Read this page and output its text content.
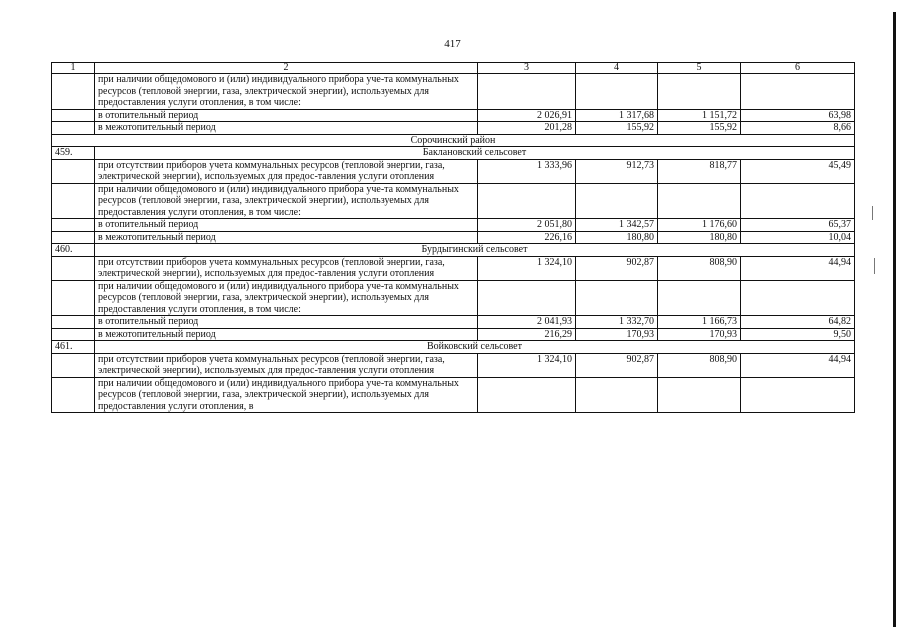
417
1	2	3	4	5	6
	при наличии общедомового и (или) индивидуального прибора уче-та коммунальных ресурсов (тепловой энергии, газа, электрической энергии), используемых для предоставления услуги отопления, в том числе:				
	в отопительный период	2 026,91	1 317,68	1 151,72	63,98
	в межотопительный период	201,28	155,92	155,92	8,66
Сорочинский район					
459.	Баклановский сельсовет				
	при отсутствии приборов учета коммунальных ресурсов (тепловой энергии, газа, электрической энергии), используемых для предос-тавления услуги отопления	1 333,96	912,73	818,77	45,49
	при наличии общедомового и (или) индивидуального прибора уче-та коммунальных ресурсов (тепловой энергии, газа, электрической энергии), используемых для предоставления услуги отопления, в том числе:				
	в отопительный период	2 051,80	1 342,57	1 176,60	65,37
	в межотопительный период	226,16	180,80	180,80	10,04
460.	Бурдыгинский сельсовет				
	при отсутствии приборов учета коммунальных ресурсов (тепловой энергии, газа, электрической энергии), используемых для предос-тавления услуги отопления	1 324,10	902,87	808,90	44,94
	при наличии общедомового и (или) индивидуального прибора уче-та коммунальных ресурсов (тепловой энергии, газа, электрической энергии), используемых для предоставления услуги отопления, в том числе:				
	в отопительный период	2 041,93	1 332,70	1 166,73	64,82
	в межотопительный период	216,29	170,93	170,93	9,50
461.	Войковский сельсовет				
	при отсутствии приборов учета коммунальных ресурсов (тепловой энергии, газа, электрической энергии), используемых для предос-тавления услуги отопления	1 324,10	902,87	808,90	44,94
	при наличии общедомового и (или) индивидуального прибора уче-та коммунальных ресурсов (тепловой энергии, газа, электрической энергии), используемых для предоставления услуги отопления, в				
